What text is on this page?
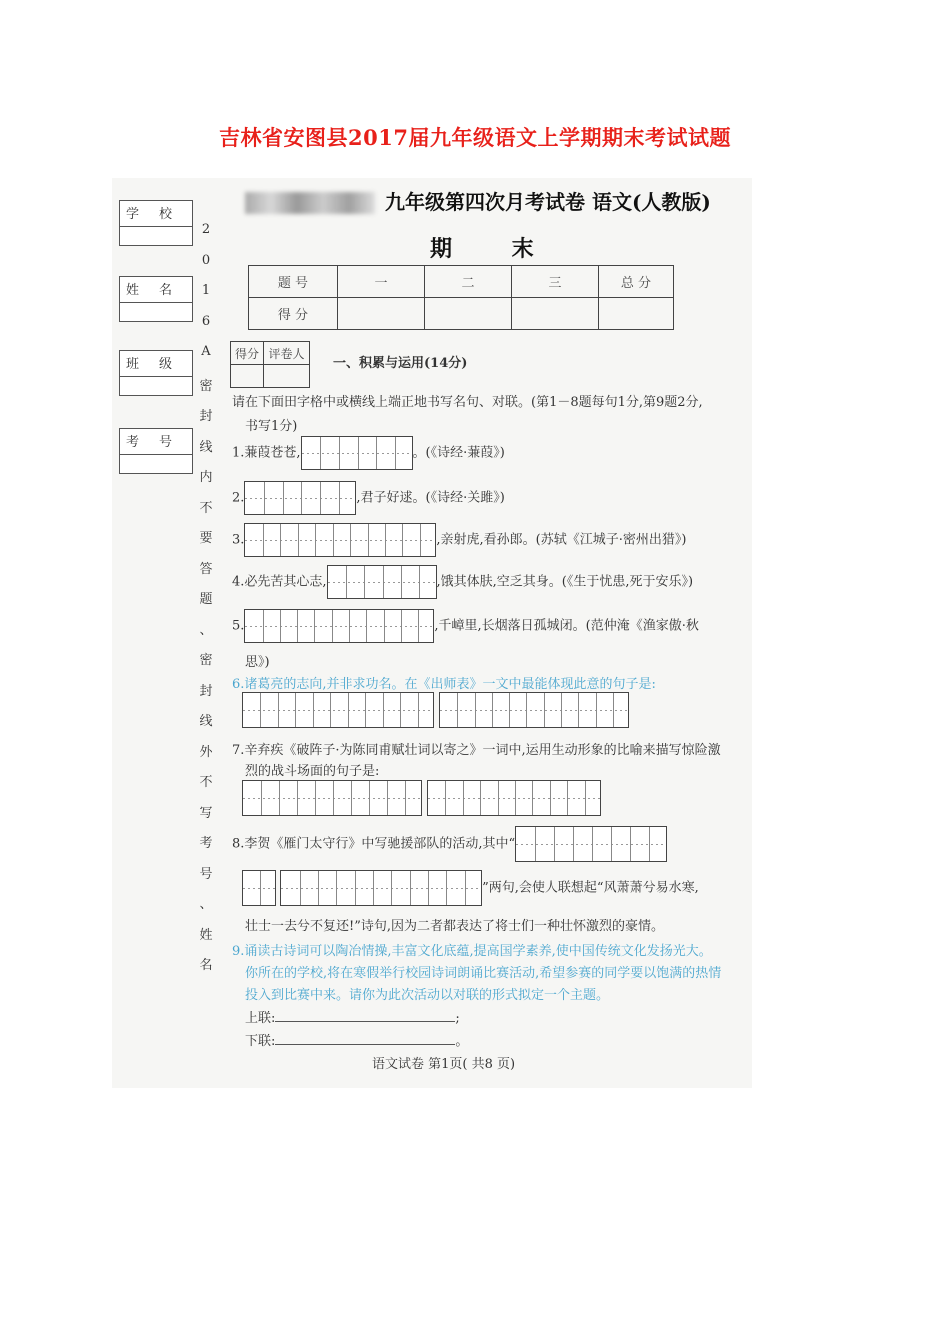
吉林省安图县2017届九年级语文上学期期末考试试题
学校
姓名
班级
考号
2
0
1
6
A
密
封
线
内
不
要
答
题
、
密
封
线
外
不
写
考
号
、
姓
名
九年级第四次月考试卷 语文(人教版)
期 末
题 号	一	二	三	总 分
得 分				
得分	评卷人

一、积累与运用(14分)
请在下面田字格中或横线上端正地书写名句、对联。(第1－8题每句1分,第9题2分,
书写1分)
1.蒹葭苍苍,	。(《诗经·蒹葭》)
2.	,君子好逑。(《诗经·关雎》)
3.	,亲射虎,看孙郎。(苏轼《江城子·密州出猎》)
4.必先苦其心志,	,饿其体肤,空乏其身。(《生于忧患,死于安乐》)
5.	,千嶂里,长烟落日孤城闭。(范仲淹《渔家傲·秋
思》)
6.诸葛亮的志向,并非求功名。在《出师表》一文中最能体现此意的句子是:

7.辛弃疾《破阵子·为陈同甫赋壮词以寄之》一词中,运用生动形象的比喻来描写惊险激
烈的战斗场面的句子是:

8.李贺《雁门太守行》中写驰援部队的活动,其中“
”两句,会使人联想起“风萧萧兮易水寒,
壮士一去兮不复还!”诗句,因为二者都表达了将士们一种壮怀激烈的豪情。
9.诵读古诗词可以陶冶情操,丰富文化底蕴,提高国学素养,使中国传统文化发扬光大。
你所在的学校,将在寒假举行校园诗词朗诵比赛活动,希望参赛的同学要以饱满的热情
投入到比赛中来。请你为此次活动以对联的形式拟定一个主题。
上联:	;
下联:	。
语文试卷 第1页( 共8 页)
